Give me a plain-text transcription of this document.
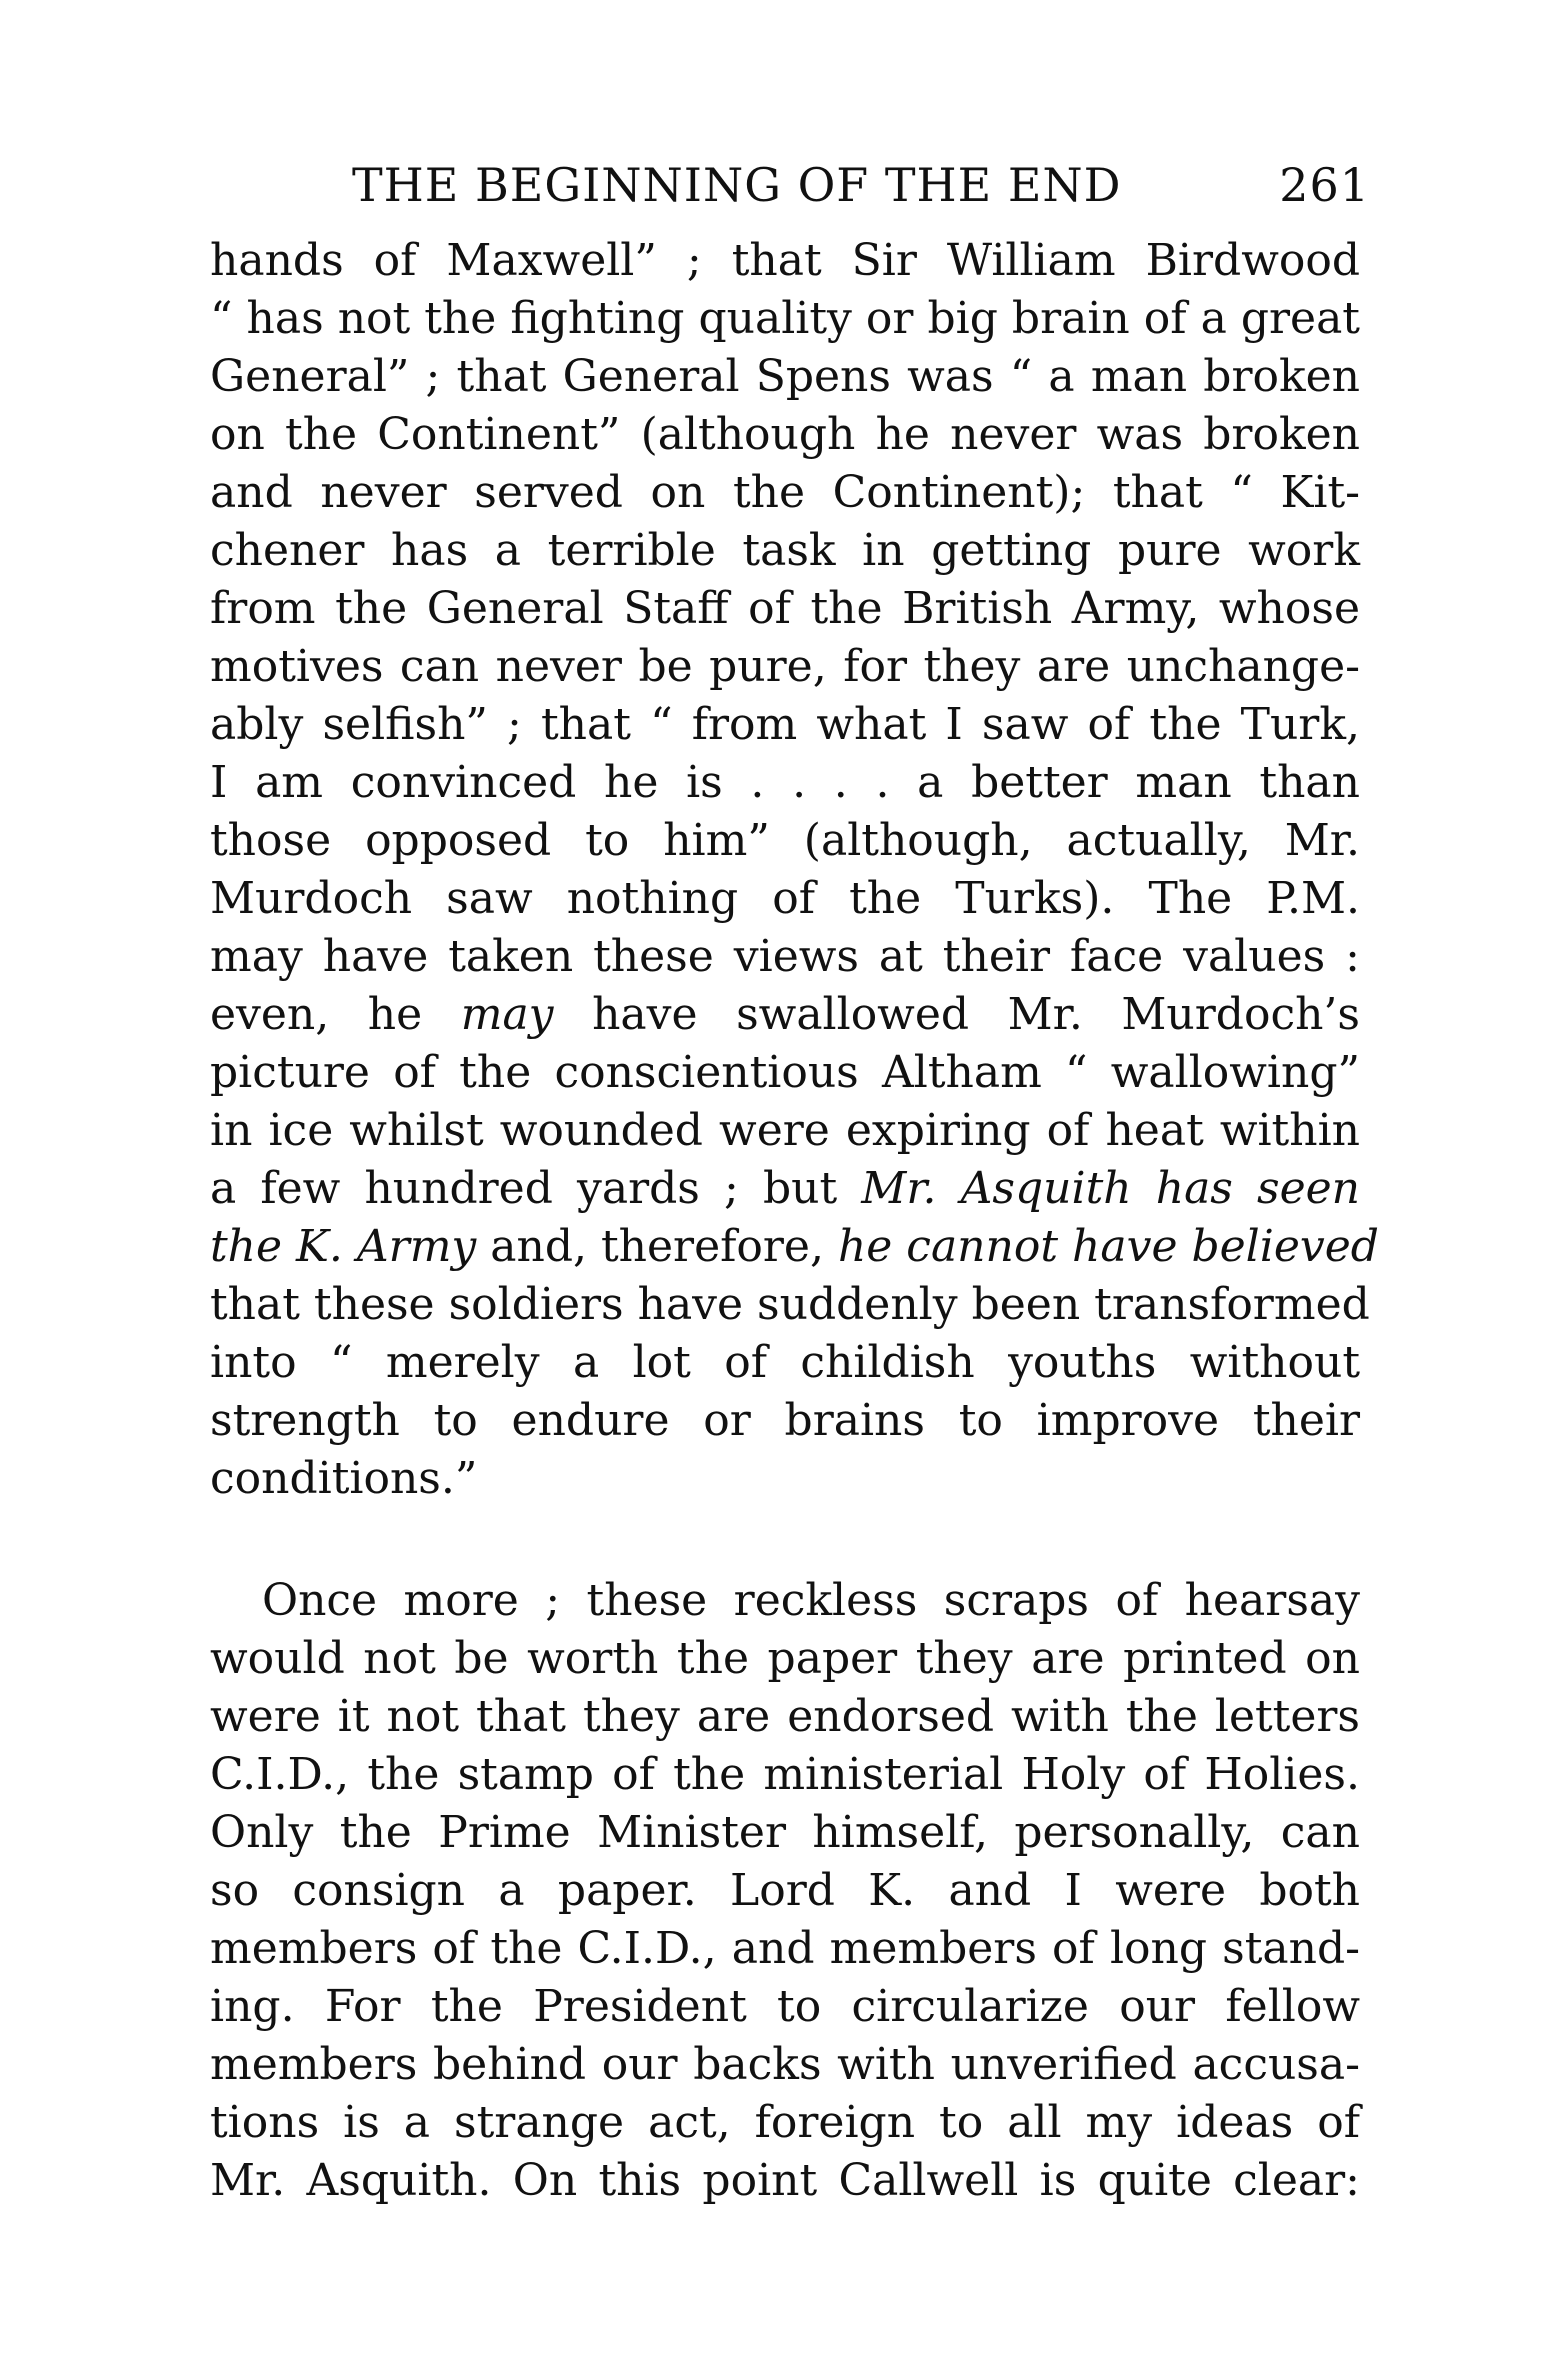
THE BEGINNING OF THE END	261
hands of Maxwell” ; that Sir William Birdwood
“ has not the fighting quality or big brain of a great
General” ; that General Spens was “ a man broken
on the Continent” (although he never was broken
and never served on the Continent); that “ Kit-
chener has a terrible task in getting pure work
from the General Staff of the British Army, whose
motives can never be pure, for they are unchange-
ably selfish” ; that “ from what I saw of the Turk,
I am convinced he is . . . . a better man than
those opposed to him” (although, actually, Mr.
Murdoch saw nothing of the Turks). The P.M.
may have taken these views at their face values :
even, he may have swallowed Mr. Murdoch’s
picture of the conscientious Altham “ wallowing”
in ice whilst wounded were expiring of heat within
a few hundred yards ; but Mr. Asquith has seen
the K. Army and, therefore, he cannot have believed
that these soldiers have suddenly been transformed
into “ merely a lot of childish youths without
strength to endure or brains to improve their
conditions.”
Once more ; these reckless scraps of hearsay
would not be worth the paper they are printed on
were it not that they are endorsed with the letters
C.I.D., the stamp of the ministerial Holy of Holies.
Only the Prime Minister himself, personally, can
so consign a paper. Lord K. and I were both
members of the C.I.D., and members of long stand-
ing. For the President to circularize our fellow
members behind our backs with unverified accusa-
tions is a strange act, foreign to all my ideas of
Mr. Asquith. On this point Callwell is quite clear:
